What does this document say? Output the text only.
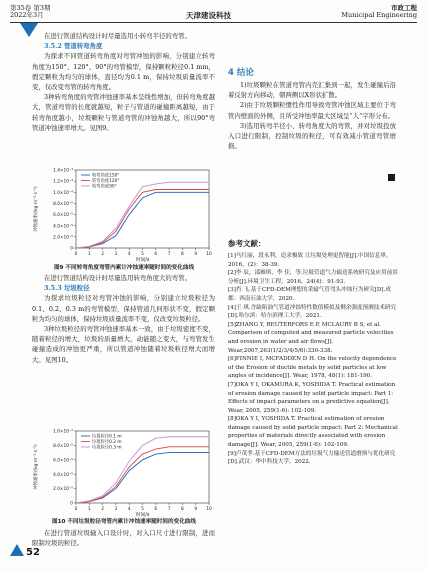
第35卷 第3期
2022年3月	天津建设科技
市政工程
Municipal Engineering

在进行管道结构设计时尽量选用小转弯半径的弯管。

3.5.2 管道转弯角度

为探求不同管道转弯角度对弯管冲蚀的影响，分别建立转弯角度为150°、120°、90°的弯管模型，保持颗粒粒径0.1 mm，假定颗粒为均匀的球体，直径均为0.1 m，保持垃圾质量流率不变，仅改变弯管的转弯角度。

3种转弯角度的弯管冲蚀速率基本呈线性增加，但转弯角度越大，管道弯管的长度就越短，粒子与管道的碰撞距离越短，由于转弯角度越小，垃圾颗粒与管道弯管的冲蚀角越大，所以90°弯管道冲蚀速率增大。见图9。

0
2.0×10⁻⁵
4.0×10⁻⁵
6.0×10⁻⁵
8.0×10⁻⁵
1.0×10⁻⁴
1.2×10⁻⁴
1.4×10⁻⁴
0 1 2 3 4 5 6 7 8 9 10
时间/s
冲蚀速率/(kg·m⁻²·s⁻¹)
转弯角度150°
转弯角度120°
转弯角度90°
图9 不同转弯角度弯管内累计冲蚀速率随时间的变化曲线

在进行管道结构设计时尽量选用转弯角度大的弯管。

3.5.3 垃圾粒径

为探求垃圾粒径对弯管冲蚀的影响，分别建立垃圾粒径为0.1、0.2、0.3 m的弯管模型，保持管道几何形状不变，假定颗粒为均匀的球体，保持垃圾质量流率不变，仅改变垃圾粒径。

3种垃圾粒径的弯管冲蚀速率基本一致，由于垃圾密度不变，随着粒径的增大，垃圾的质量增大，动能随之变大，与弯管发生碰撞造成的冲蚀更严重，所以管道冲蚀随着垃圾粒径增大而增大。见图10。

0
2.0×10⁻⁵
4.0×10⁻⁵
6.0×10⁻⁵
8.0×10⁻⁵
1.0×10⁻⁴
0 1 2 3 4 5 6 7 8 9 10
时间/s
冲蚀速率/(kg·m⁻²·s⁻¹)
垃圾粒径0.1 m
垃圾粒径0.2 m
垃圾粒径0.3 m
图10 不同垃圾粒径弯管内累计冲蚀速率随时间的变化曲线

在进行管道垃圾输入口设计时，对入口尺寸进行限制，进而限制垃圾的粒径。

4 结论

1)垃圾颗粒在管道弯管内壳汇集到一起，发生碰撞后沿着反射方向移动，朝两侧以X形状扩散。

2)由于垃圾颗粒惯性作用导致弯管冲蚀区域主要位于弯管内壁面的外侧，且所受冲蚀率最大区域呈“人”字形分布。

3)选用转弯半径小、转弯角度大的弯管，并对垃圾投放入口进行限制，控制垃圾的粒径，可有效减小管道弯管磨损。

参考文献：
[1]马红丽，段永利，追求极致 让垃圾处理更智能[J].中国信息界，2016，(2)：38-39.
[2]李 辰，邵雁琪，李 佳，等.垃圾管道气力输送系统研究及应用前景分析[J].环境卫生工程，2016，24(4)：91-93.
[3]肖 飞.基于CFD-DEM理想的采输气管弯头冲蚀行为研究[D].成都：西南石油大学，2020.
[4]王 琪.含缺陷油气管道冲蚀特性数值模拟及剩余强度预测技术研究[D].哈尔滨：哈尔滨理工大学，2021.
[5]ZHANG Y, REUTERFORS E P, MCLAURY B S, et al. Comparison of computed and measured particle velocities and erosion in water and air flows[J]. Wear,2007,263(1/2/3/4/5/6):330-338.
[6]FINNIE I, MCFADDEN D H. On the velocity dependence of the Erosion of ductile metals by solid particles at low angles of incidence[J]. Wear, 1978, 48(1): 181-190.
[7]OKA Y I, OKAMURA K, YOSHIDA T. Practical estimation of erosion damage caused by solid particle impact: Part 1: Effects of impact parameters on a predictive equation[J]. Wear, 2005, 259(1-6): 102-109.
[8]OKA Y I, YOSHIDA T. Practical estimation of erosion damage caused by solid particle impact: Part 2: Mechanical properties of materials directly associated with erosion damage[J]. Wear, 2005, 259(1-6): 102-109.
[9]卢茂孝.基于CFD-DEM方法的垃圾气力输送管道磨损与优化研究[D].武汉：华中科技大学，2022.
52
